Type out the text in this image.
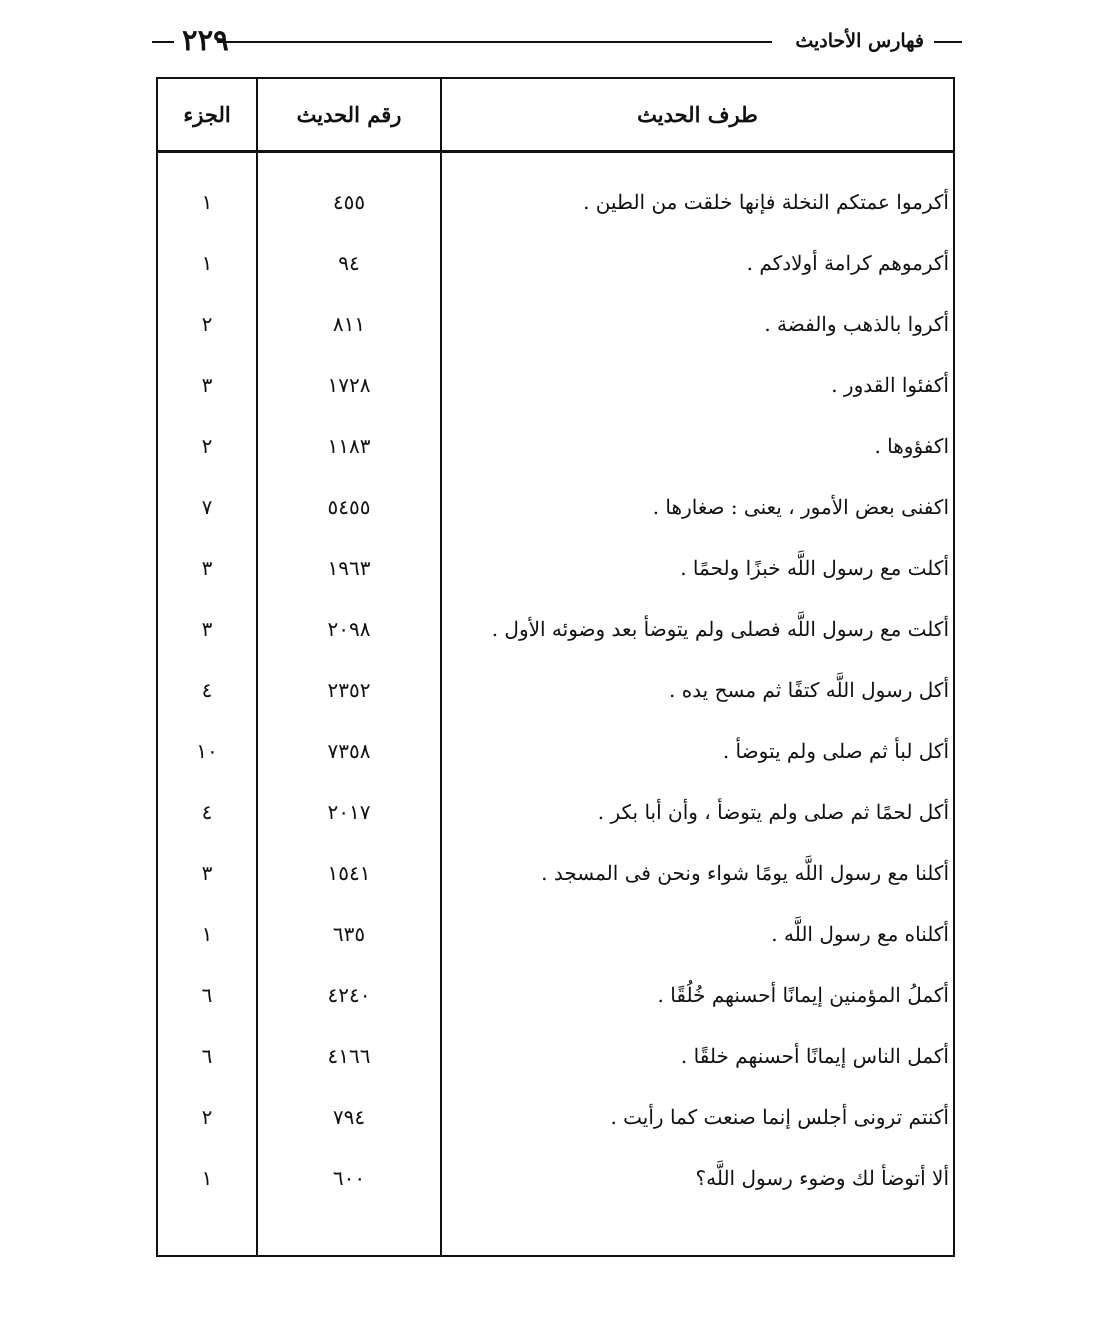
فهارس الأحاديث
٢٢٩
طرف الحديث	رقم الحديث	الجزء
أكرموا عمتكم النخلة فإنها خلقت من الطين .	٤٥٥	١
أكرموهم كرامة أولادكم .	٩٤	١
أكروا بالذهب والفضة .	٨١١	٢
أكفئوا القدور .	١٧٢٨	٣
اكفؤوها .	١١٨٣	٢
اكفنى بعض الأمور ، يعنى : صغارها .	٥٤٥٥	٧
أكلت مع رسول اللَّه خبزًا ولحمًا .	١٩٦٣	٣
أكلت مع رسول اللَّه فصلى ولم يتوضأ بعد وضوئه الأول .	٢٠٩٨	٣
أكل رسول اللَّه كتفًا ثم مسح يده .	٢٣٥٢	٤
أكل لبأ ثم صلى ولم يتوضأ .	٧٣٥٨	١٠
أكل لحمًا ثم صلى ولم يتوضأ ، وأن أبا بكر .	٢٠١٧	٤
أكلنا مع رسول اللَّه يومًا شواء ونحن فى المسجد .	١٥٤١	٣
أكلناه مع رسول اللَّه .	٦٣٥	١
أكملُ المؤمنين إيمانًا أحسنهم خُلُقًا .	٤٢٤٠	٦
أكمل الناس إيمانًا أحسنهم خلقًا .	٤١٦٦	٦
أكنتم ترونى أجلس إنما صنعت كما رأيت .	٧٩٤	٢
ألا أتوضأ لك وضوء رسول اللَّه؟	٦٠٠	١
